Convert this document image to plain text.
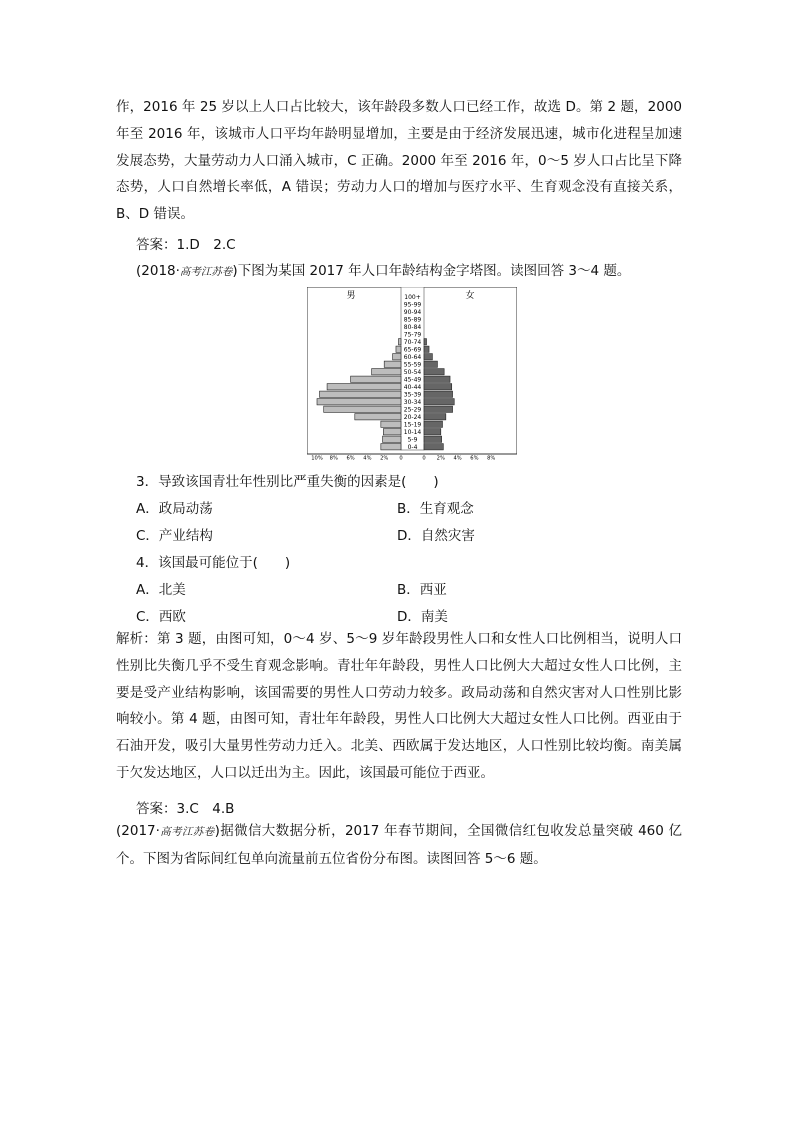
作，2016 年 25 岁以上人口占比较大，该年龄段多数人口已经工作，故选 D。第 2 题，2000 年至 2016 年，该城市人口平均年龄明显增加，主要是由于经济发展迅速，城市化进程呈加速发展态势，大量劳动力人口涌入城市，C 正确。2000 年至 2016 年，0～5 岁人口占比呈下降态势，人口自然增长率低，A 错误；劳动力人口的增加与医疗水平、生育观念没有直接关系，B、D 错误。

答案：1.D　2.C

(2018·高考江苏卷)下图为某国 2017 年人口年龄结构金字塔图。读图回答 3～4 题。

男	女
100+
95-99
90-94
85-89
80-84
75-79
70-74
65-69
60-64
55-59
50-54
45-49
40-44
35-39
30-34
25-29
20-24
15-19
10-14
5-9
0-4
10% 8% 6% 4% 2% 0	0 2% 4% 6% 8%

3．导致该国青壮年性别比严重失衡的因素是(　　)

A．政局动荡	B．生育观念

C．产业结构	D．自然灾害

4．该国最可能位于(　　)

A．北美	B．西亚

C．西欧	D．南美

解析：第 3 题，由图可知，0～4 岁、5～9 岁年龄段男性人口和女性人口比例相当，说明人口性别比失衡几乎不受生育观念影响。青壮年年龄段，男性人口比例大大超过女性人口比例，主要是受产业结构影响，该国需要的男性人口劳动力较多。政局动荡和自然灾害对人口性别比影响较小。第 4 题，由图可知，青壮年年龄段，男性人口比例大大超过女性人口比例。西亚由于石油开发，吸引大量男性劳动力迁入。北美、西欧属于发达地区，人口性别比较均衡。南美属于欠发达地区，人口以迁出为主。因此，该国最可能位于西亚。

答案：3.C　4.B

(2017·高考江苏卷)据微信大数据分析，2017 年春节期间，全国微信红包收发总量突破 460 亿个。下图为省际间红包单向流量前五位省份分布图。读图回答 5～6 题。
